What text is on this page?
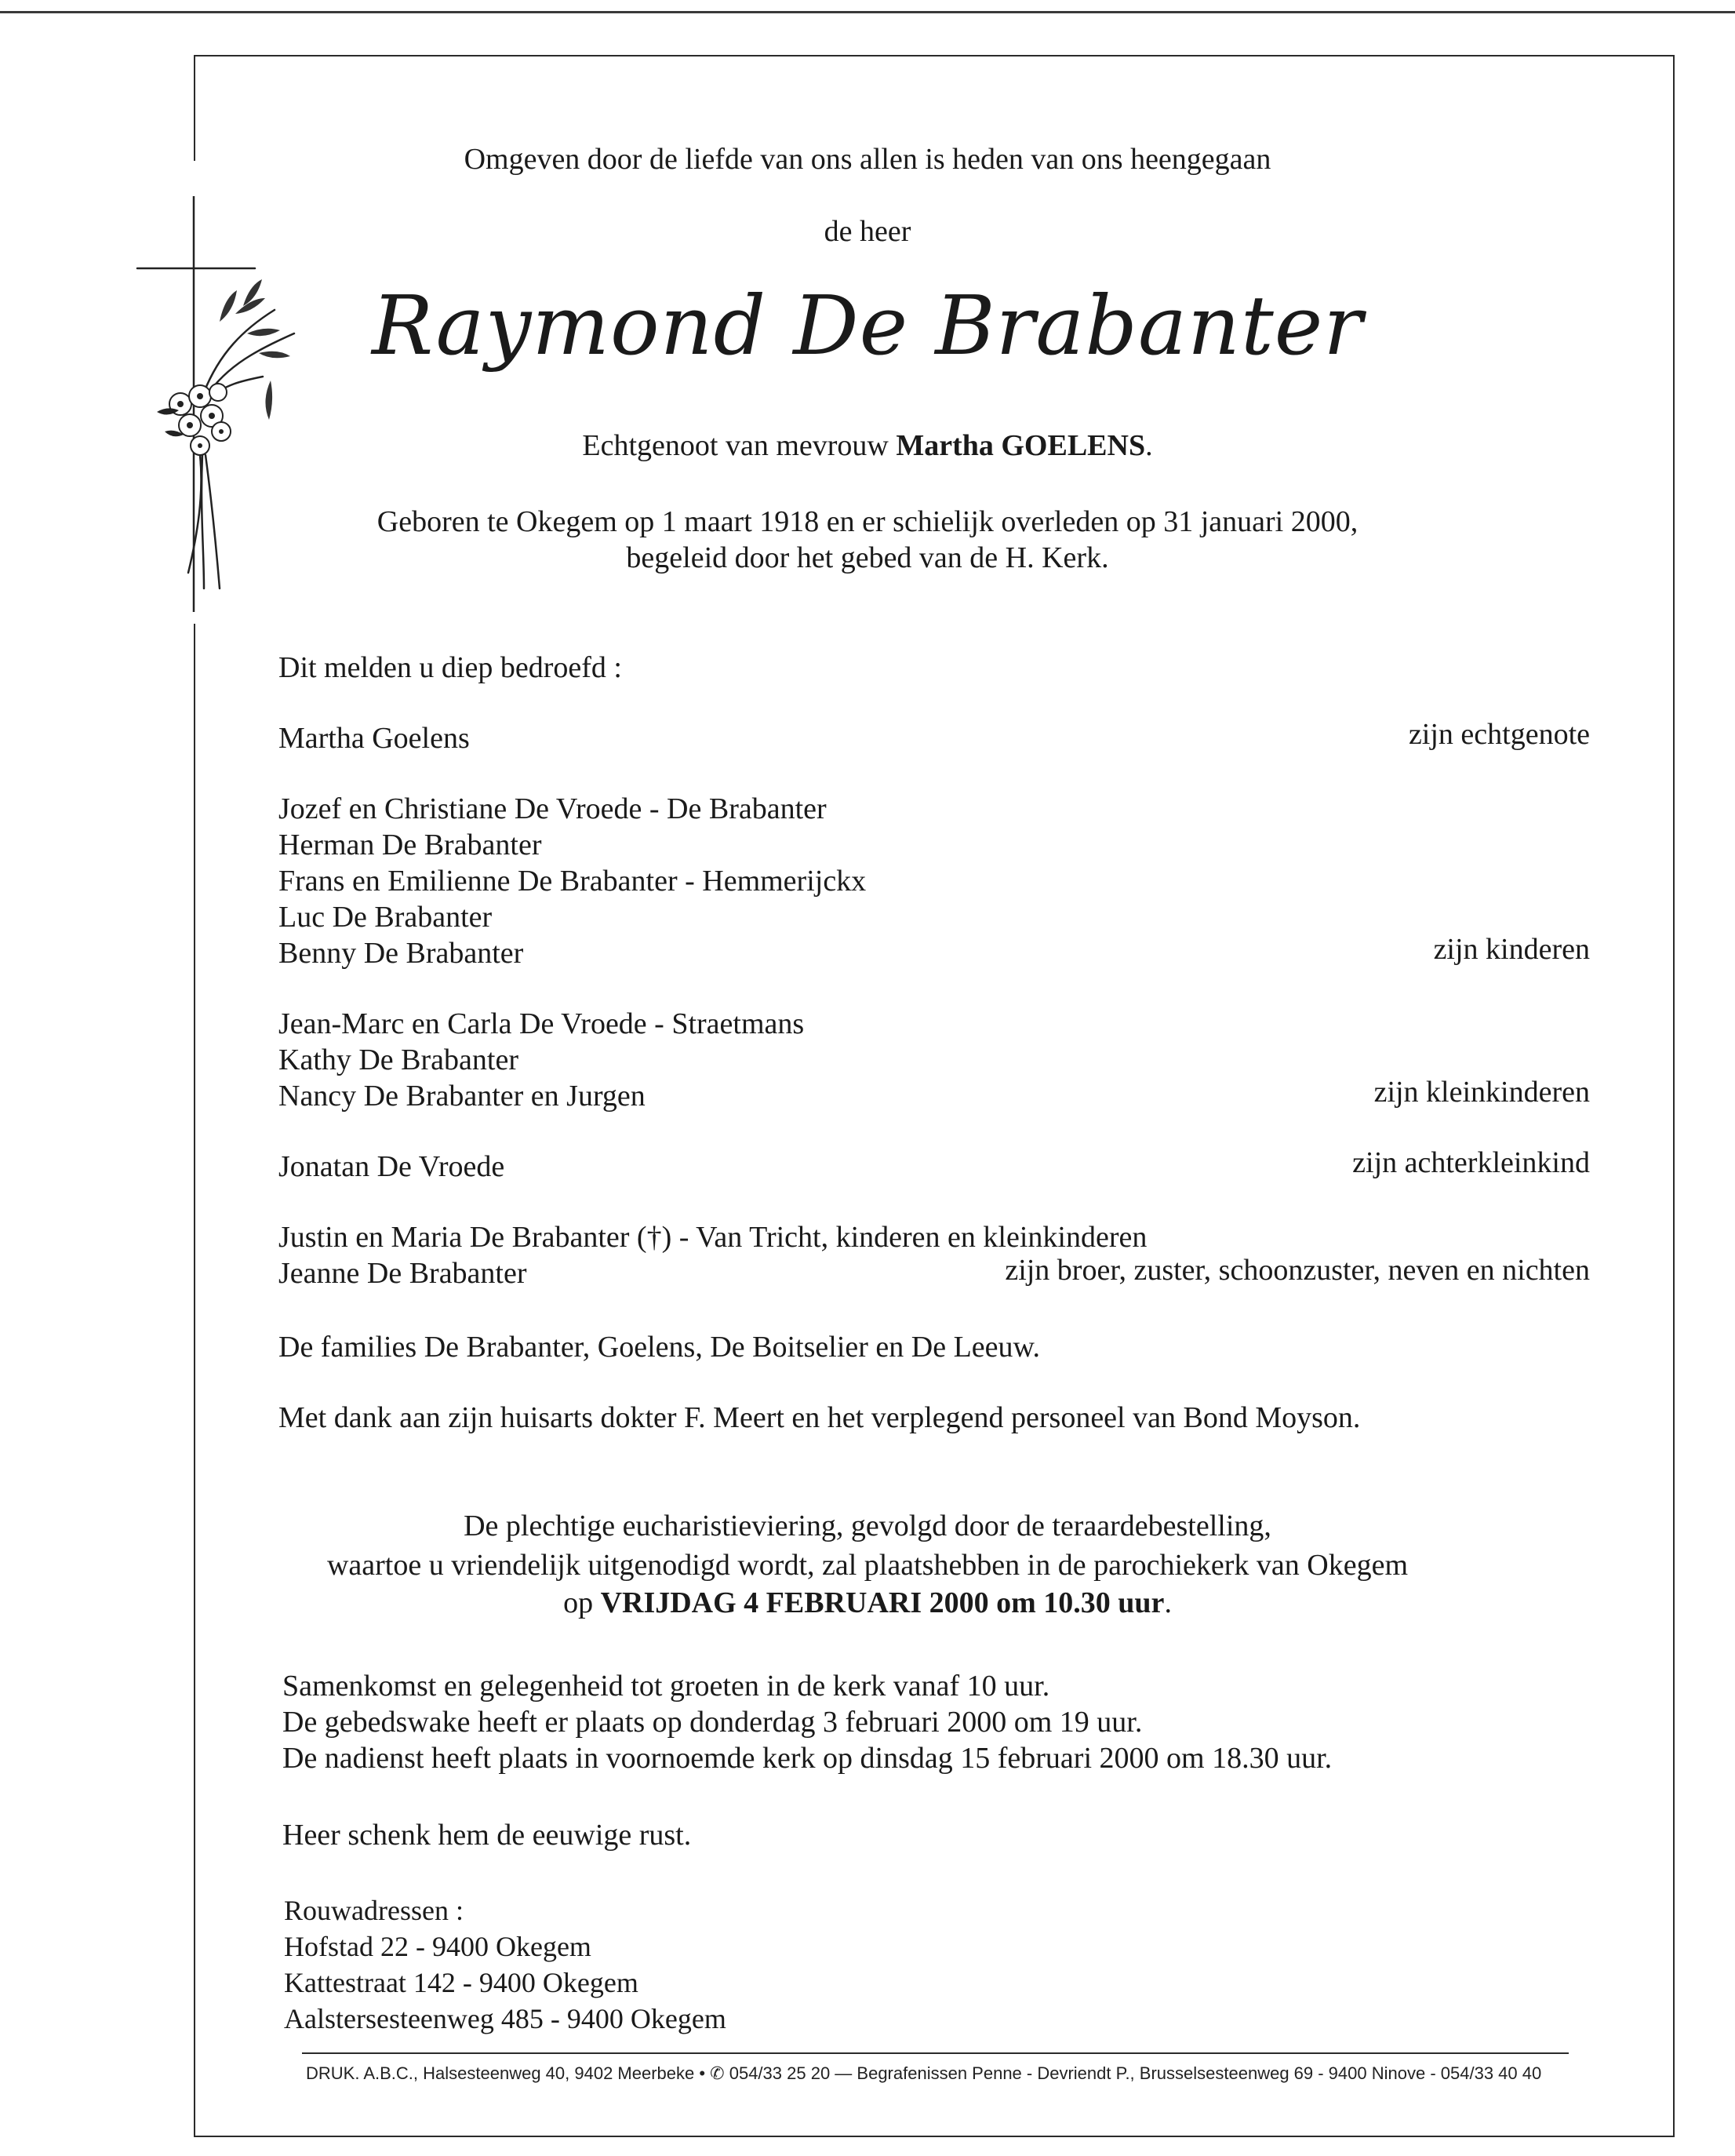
Omgeven door de liefde van ons allen is heden van ons heengegaan
de heer
Raymond De Brabanter
Echtgenoot van mevrouw Martha GOELENS.
Geboren te Okegem op 1 maart 1918 en er schielijk overleden op 31 januari 2000,
begeleid door het gebed van de H. Kerk.
Dit melden u diep bedroefd :
Martha Goelens	zijn echtgenote
Jozef en Christiane De Vroede - De Brabanter
Herman De Brabanter
Frans en Emilienne De Brabanter - Hemmerijckx
Luc De Brabanter
Benny De Brabanter	zijn kinderen
Jean-Marc en Carla De Vroede - Straetmans
Kathy De Brabanter
Nancy De Brabanter en Jurgen	zijn kleinkinderen
Jonatan De Vroede	zijn achterkleinkind
Justin en Maria De Brabanter (†) - Van Tricht, kinderen en kleinkinderen
Jeanne De Brabanter	zijn broer, zuster, schoonzuster, neven en nichten
De families De Brabanter, Goelens, De Boitselier en De Leeuw.
Met dank aan zijn huisarts dokter F. Meert en het verplegend personeel van Bond Moyson.
De plechtige eucharistieviering, gevolgd door de teraardebestelling,
waartoe u vriendelijk uitgenodigd wordt, zal plaatshebben in de parochiekerk van Okegem
op VRIJDAG 4 FEBRUARI 2000 om 10.30 uur.
Samenkomst en gelegenheid tot groeten in de kerk vanaf 10 uur.
De gebedswake heeft er plaats op donderdag 3 februari 2000 om 19 uur.
De nadienst heeft plaats in voornoemde kerk op dinsdag 15 februari 2000 om 18.30 uur.
Heer schenk hem de eeuwige rust.
Rouwadressen :
Hofstad 22 - 9400 Okegem
Kattestraat 142 - 9400 Okegem
Aalstersesteenweg 485 - 9400 Okegem
DRUK. A.B.C., Halsesteenweg 40, 9402 Meerbeke • ✆ 054/33 25 20 — Begrafenissen Penne - Devriendt P., Brusselsesteenweg 69 - 9400 Ninove - 054/33 40 40
